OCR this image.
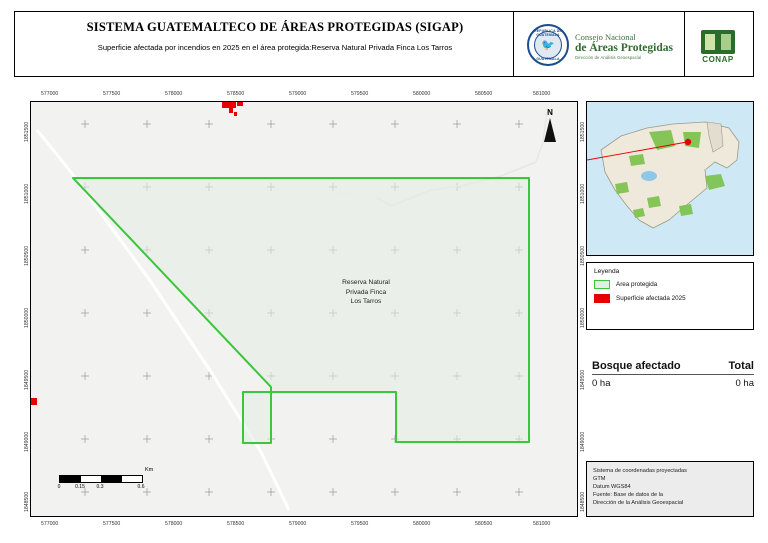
SISTEMA GUATEMALTECO DE ÁREAS PROTEGIDAS (SIGAP)
Superficie afectada por incendios en 2025 en el área protegida:Reserva Natural Privada Finca Los Tarros
REPUBLICA DE GUATEMALA
🐦
GUATEMALA
Consejo Nacional
de Áreas Protegidas
Dirección de Análisis Geoespacial	CONAP
Reserva Natural
Privada Finca
Los Tarros
N
0	0.15 0.3	0.6
Km
577000	577500	578000	578500	579000	579500	580000	580500	581000
577000	577500	578000	578500	579000	579500	580000	580500	581000
1851500
1851000
1850500
1850000
1849500
1849000
1848500
1851500
1851000
1850500
1850000
1849500
1849000
1848500
Leyenda
Area protegida
Superficie afectada 2025
Bosque afectado	Total
0 ha	0 ha
Sistema de coordenadas proyectadas
GTM
Datum WGS84
Fuente: Base de datos de la
Dirección de la Análisis Geoespacial
